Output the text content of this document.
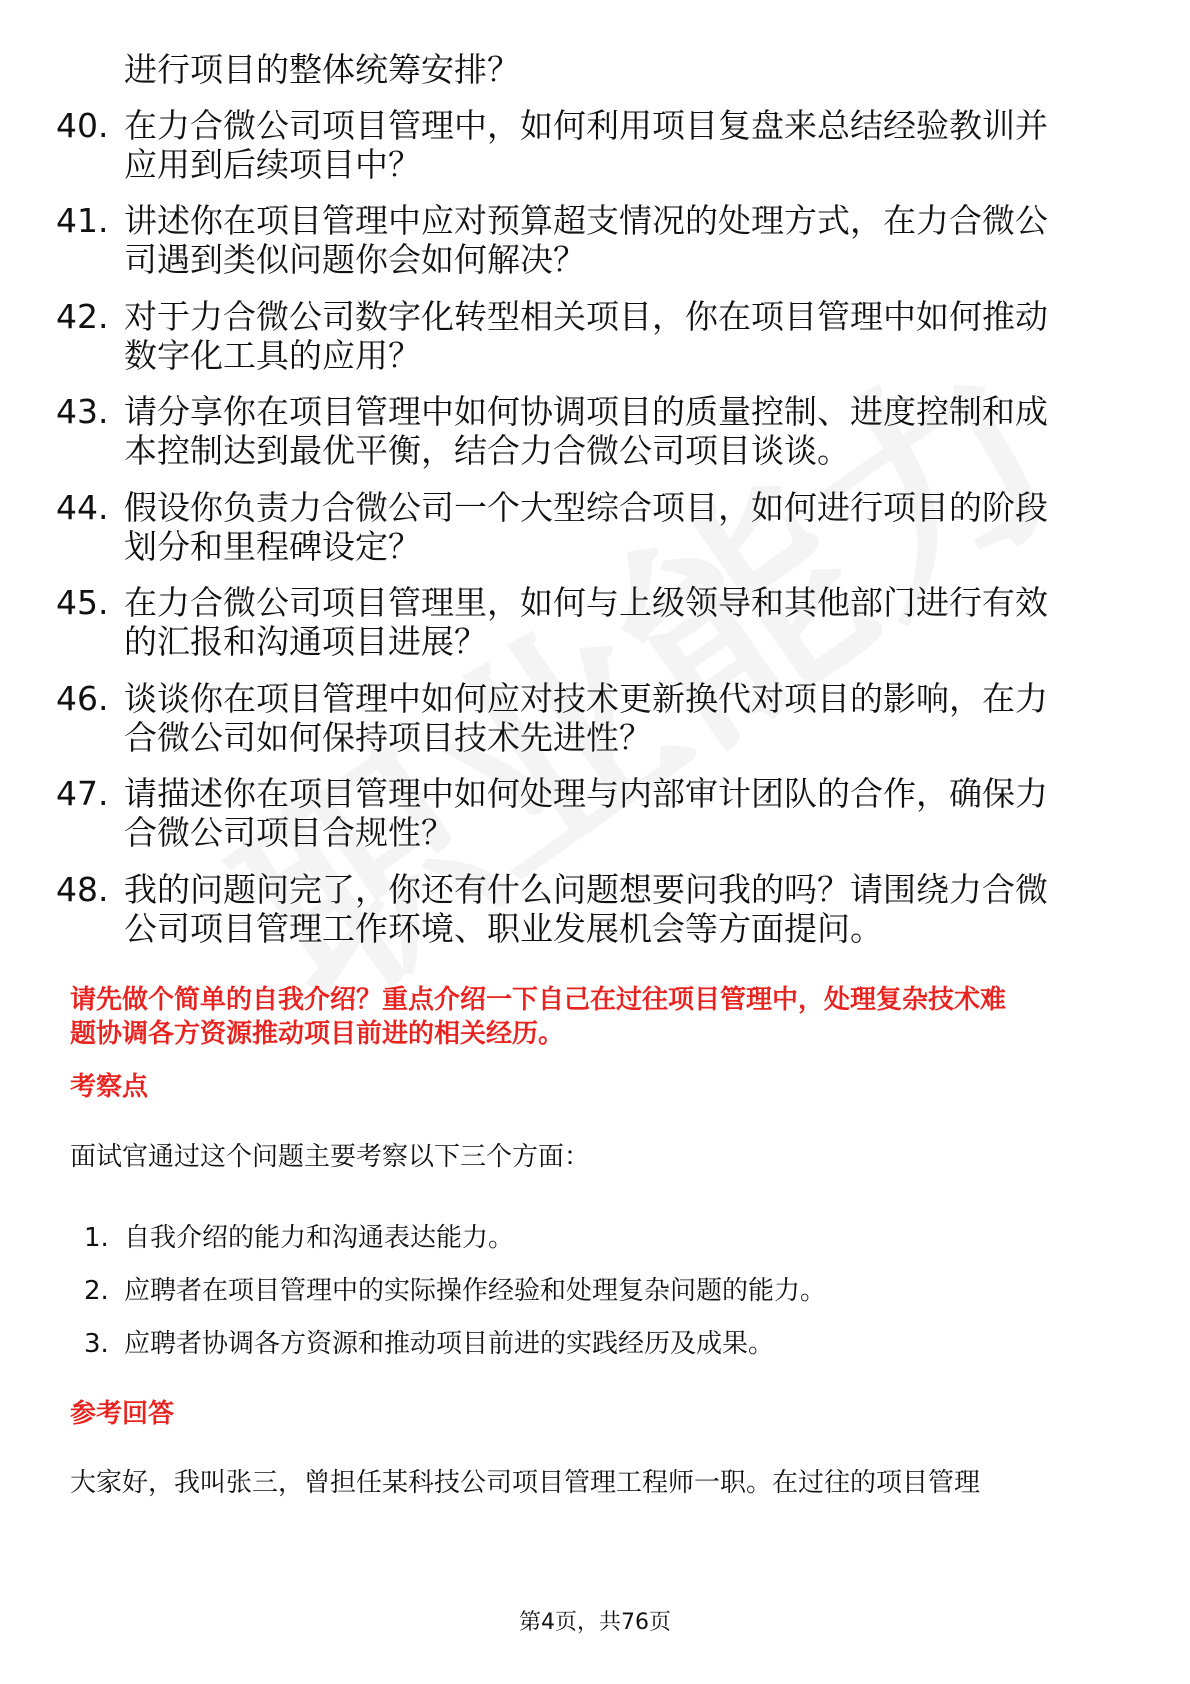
进行项目的整体统筹安排？
40. 在力合微公司项目管理中，如何利用项目复盘来总结经验教训并
应用到后续项目中？
41. 讲述你在项目管理中应对预算超支情况的处理方式，在力合微公
司遇到类似问题你会如何解决？
42. 对于力合微公司数字化转型相关项目，你在项目管理中如何推动
数字化工具的应用？
43. 请分享你在项目管理中如何协调项目的质量控制、进度控制和成
本控制达到最优平衡，结合力合微公司项目谈谈。
44. 假设你负责力合微公司一个大型综合项目，如何进行项目的阶段
划分和里程碑设定？
45. 在力合微公司项目管理里，如何与上级领导和其他部门进行有效
的汇报和沟通项目进展？
46. 谈谈你在项目管理中如何应对技术更新换代对项目的影响，在力
合微公司如何保持项目技术先进性？
47. 请描述你在项目管理中如何处理与内部审计团队的合作，确保力
合微公司项目合规性？
48. 我的问题问完了，你还有什么问题想要问我的吗？请围绕力合微
公司项目管理工作环境、职业发展机会等方面提问。
请先做个简单的自我介绍？重点介绍一下自己在过往项目管理中，处理复杂技术难
题协调各方资源推动项目前进的相关经历。
考察点
面试官通过这个问题主要考察以下三个方面：
1. 自我介绍的能力和沟通表达能力。
2. 应聘者在项目管理中的实际操作经验和处理复杂问题的能力。
3. 应聘者协调各方资源和推动项目前进的实践经历及成果。
参考回答
大家好，我叫张三，曾担任某科技公司项目管理工程师一职。在过往的项目管理
第4页，共76页
